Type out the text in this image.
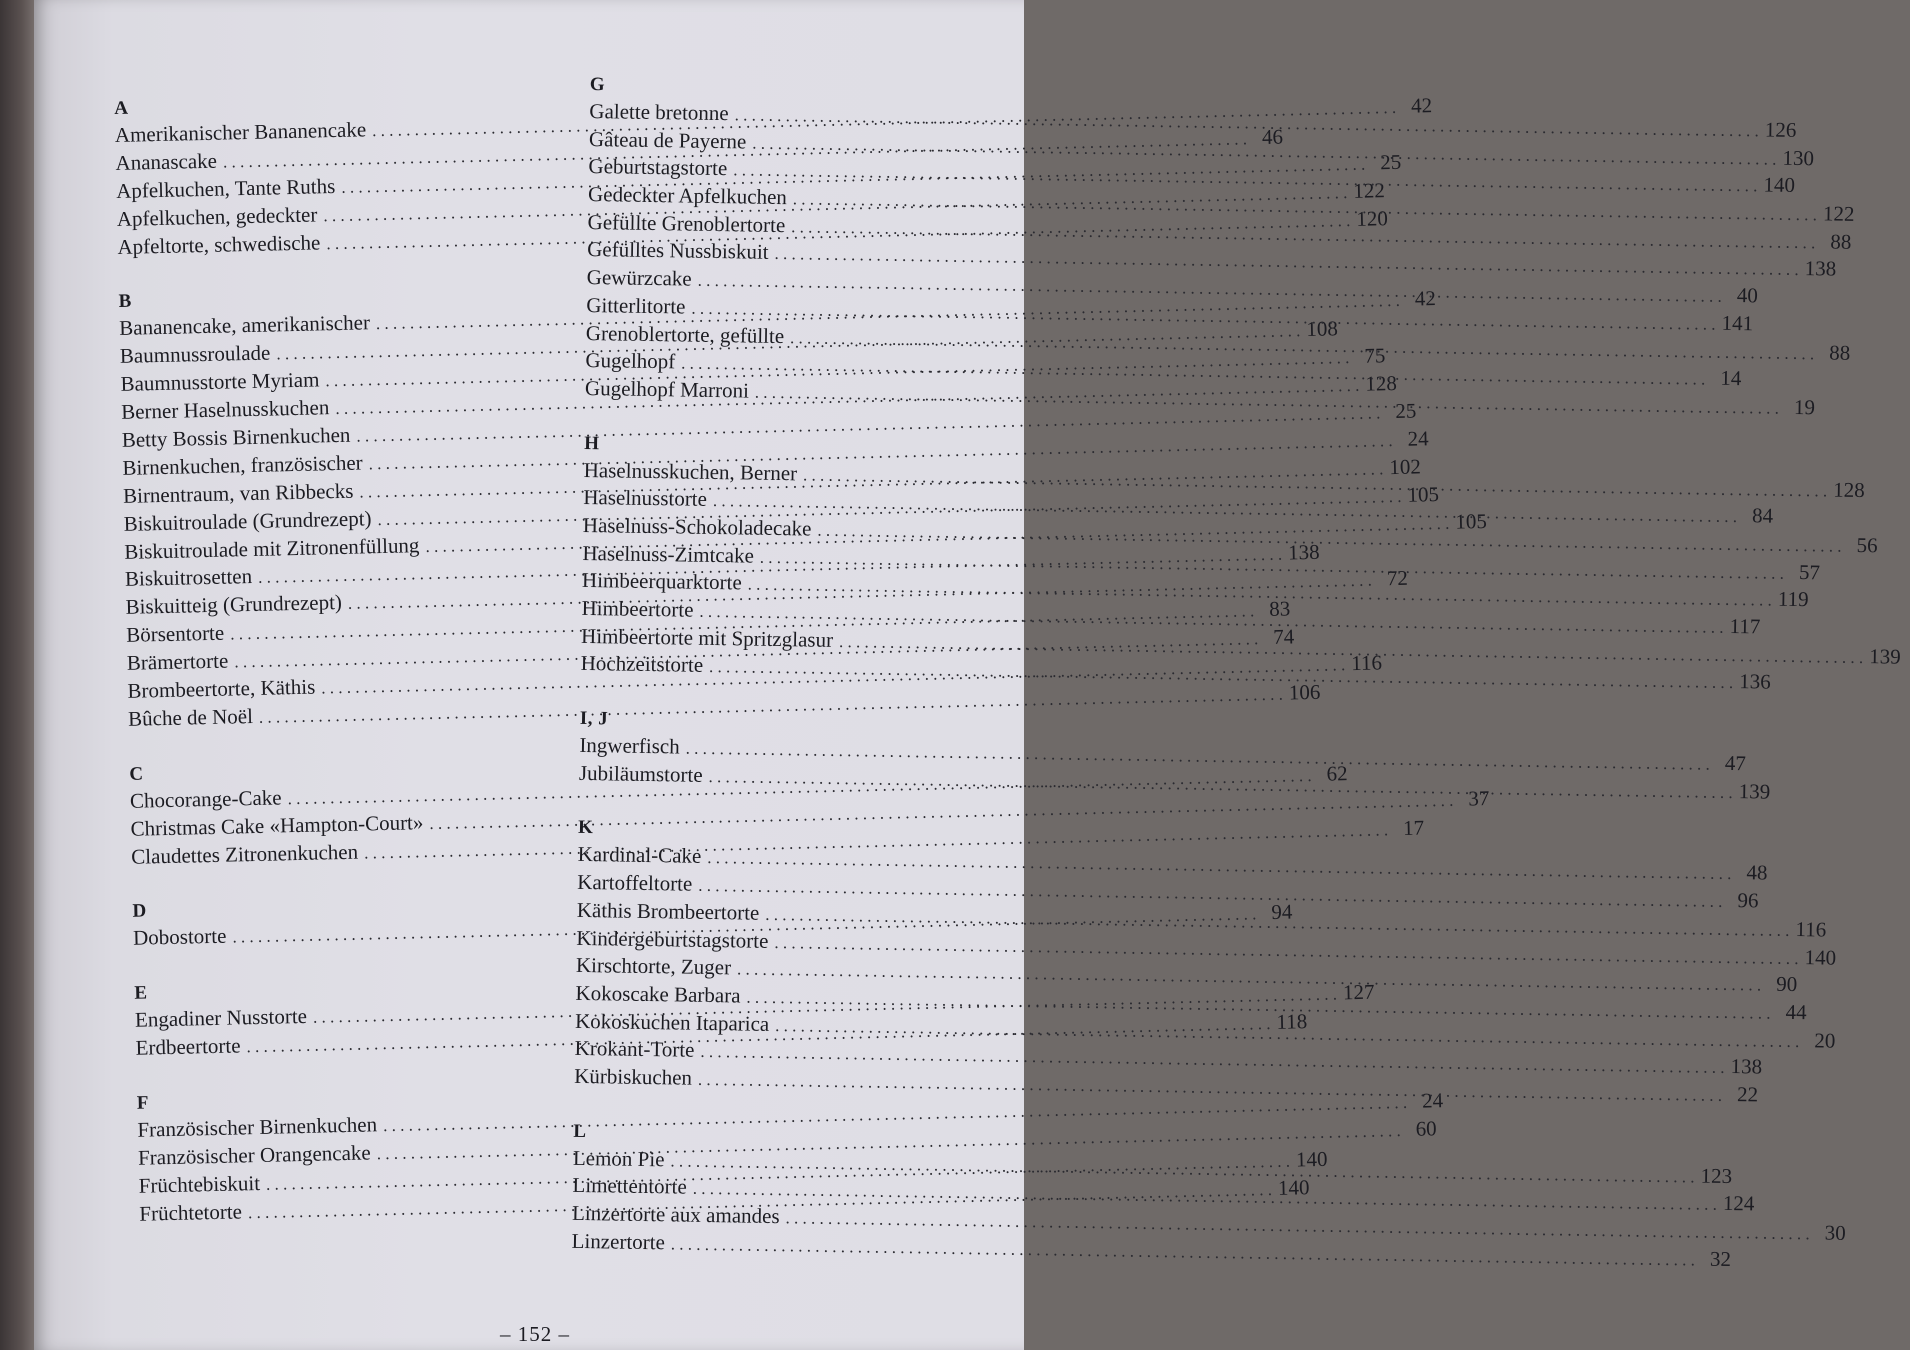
A
Amerikanischer Bananencake
. . .
42
Ananascake
. . .
46
Apfelkuchen, Tante Ruths
. . .
25
Apfelkuchen, gedeckter
. . .
122
Apfeltorte, schwedische
. . .
120
B
Bananencake, amerikanischer
. . .
42
Baumnussroulade
. . .
108
Baumnusstorte Myriam
. . .
75
Berner Haselnusskuchen
. . .
128
Betty Bossis Birnenkuchen
. . .
25
Birnenkuchen, französischer
. . .
24
Birnentraum, van Ribbecks
. . .
102
Biskuitroulade (Grundrezept)
. . .
105
Biskuitroulade mit Zitronenfüllung
. . .
105
Biskuitrosetten
. . .
138
Biskuitteig (Grundrezept)
. . .
72
Börsentorte
. . .
83
Brämertorte
. . .
74
Brombeertorte, Käthis
. . .
116
Bûche de Noël
. . .
106
C
Chocorange-Cake
. . .
62
Christmas Cake «Hampton-Court»
. . .
37
Claudettes Zitronenkuchen
. . .
17
D
Dobostorte
. . .
94
E
Engadiner Nusstorte
. . .
127
Erdbeertorte
. . .
118
F
Französischer Birnenkuchen
. . .
24
Französischer Orangencake
. . .
60
Früchtebiskuit
. . .
140
Früchtetorte
. . .
140
G
Galette bretonne
. . .
126
Gâteau de Payerne
. . .
130
Geburtstagstorte
. . .
140
Gedeckter Apfelkuchen
. . .
122
Gefüllte Grenoblertorte
. . .
88
Gefülltes Nussbiskuit
. . .
138
Gewürzcake
. . .
40
Gitterlitorte
. . .
141
Grenoblertorte, gefüllte
. . .
88
Gugelhopf
. . .
14
Gugelhopf Marroni
. . .
19
H
Haselnusskuchen, Berner
. . .
128
Haselnusstorte
. . .
84
Haselnuss-Schokoladecake
. . .
56
Haselnuss-Zimtcake
. . .
57
Himbeerquarktorte
. . .
119
Himbeertorte
. . .
117
Himbeertorte mit Spritzglasur
. . .
139
Hochzeitstorte
. . .
136
I, J
Ingwerfisch
. . .
47
Jubiläumstorte
. . .
139
K
Kardinal-Cake
. . .
48
Kartoffeltorte
. . .
96
Käthis Brombeertorte
. . .
116
Kindergeburtstagstorte
. . .
140
Kirschtorte, Zuger
. . .
90
Kokoscake Barbara
. . .
44
Kokoskuchen Itaparica
. . .
20
Krokant-Torte
. . .
138
Kürbiskuchen
. . .
22
L
Lemon Pie
. . .
123
Limettentorte
. . .
124
Linzertorte aux amandes
. . .
30
Linzertorte
. . .
32
– 152 –
